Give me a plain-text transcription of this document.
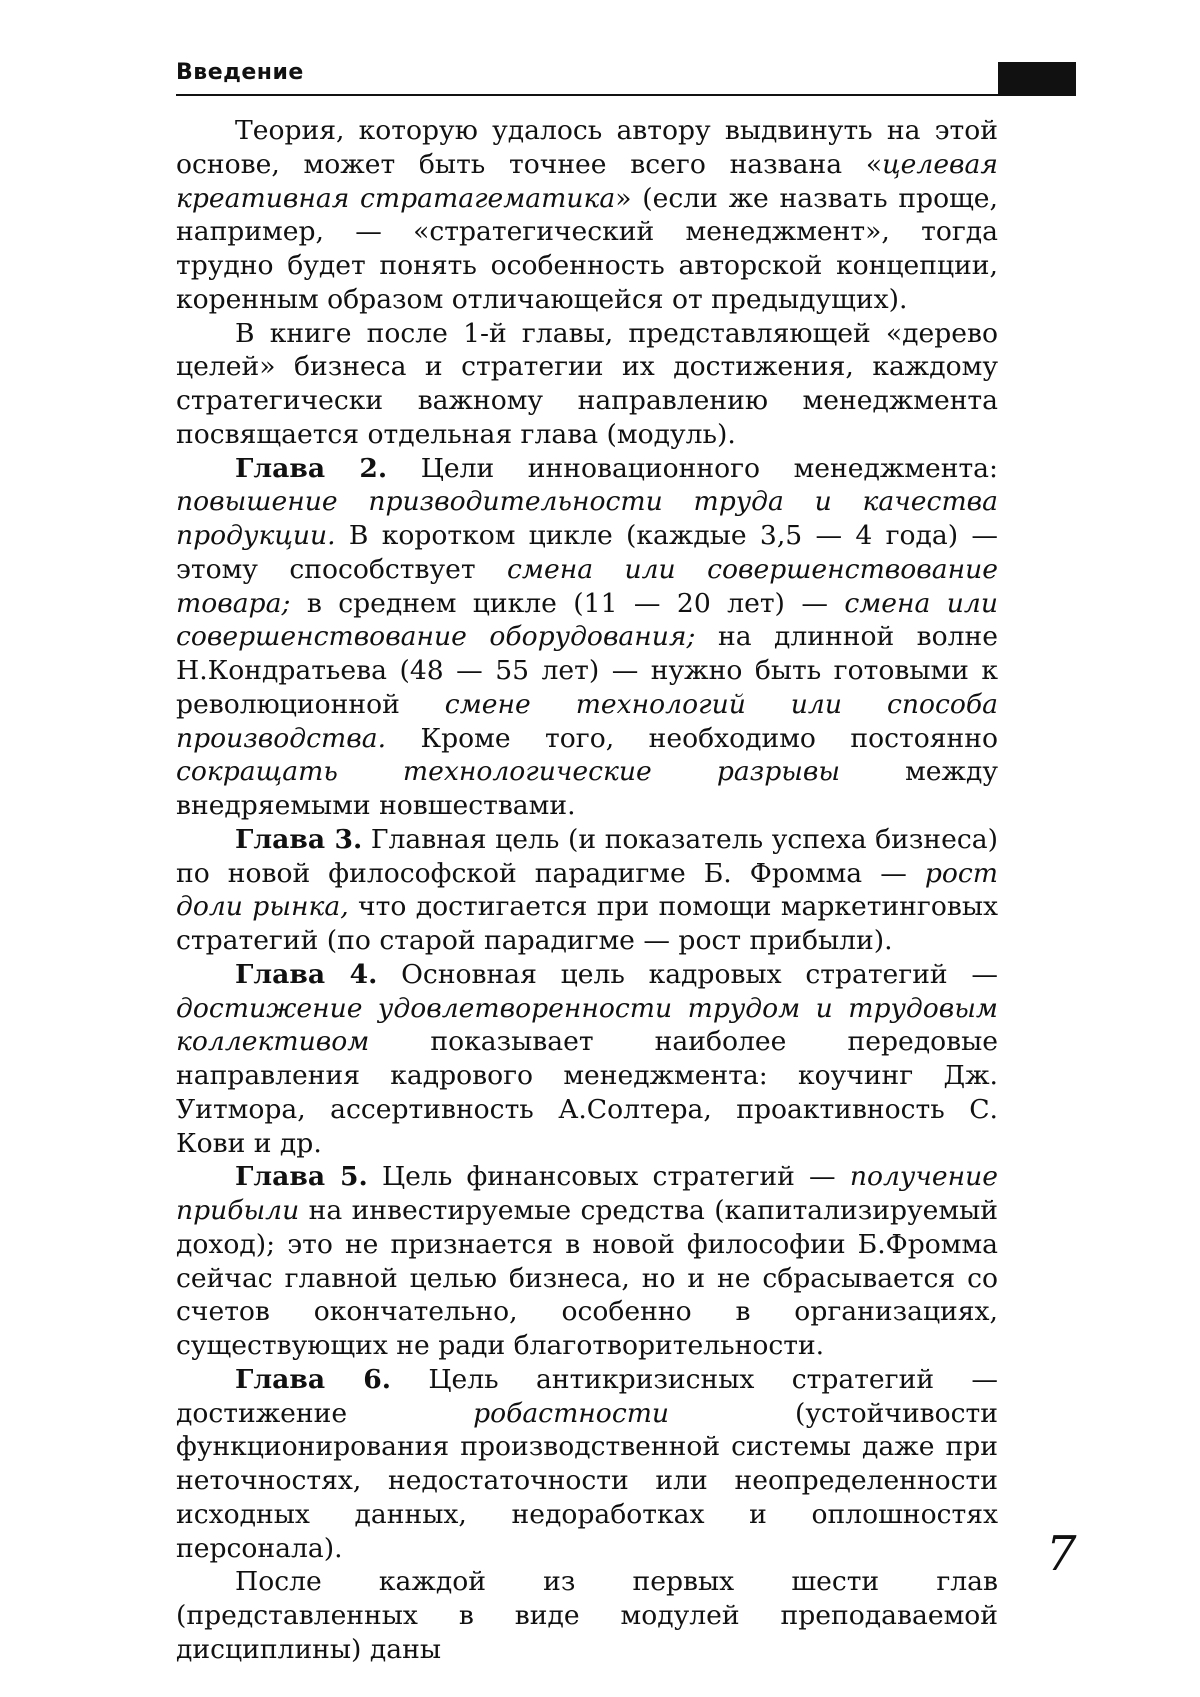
Введение

Теория, которую удалось автору выдвинуть на этой основе, может быть точнее всего названа «целевая креативная стратагематика» (если же назвать проще, например, — «стратегический менеджмент», тогда трудно будет понять особенность авторской концепции, коренным образом отличающейся от предыдущих).

В книге после 1-й главы, представляющей «дерево целей» бизнеса и стратегии их достижения, каждому стратегически важному направлению менеджмента посвящается отдельная глава (модуль).

Глава 2. Цели инновационного менеджмента: повышение призводительности труда и качества продукции. В коротком цикле (каждые 3,5 — 4 года) — этому способствует смена или совершенствование товара; в среднем цикле (11 — 20 лет) — смена или совершенствование оборудования; на длинной волне Н.Кондратьева (48 — 55 лет) — нужно быть готовыми к революционной смене технологий или способа производства. Кроме того, необходимо постоянно сокращать технологические разрывы между внедряемыми новшествами.

Глава 3. Главная цель (и показатель успеха бизнеса) по новой философской парадигме Б. Фромма — рост доли рынка, что достигается при помощи маркетинговых стратегий (по старой парадигме — рост прибыли).

Глава 4. Основная цель кадровых стратегий — достижение удовлетворенности трудом и трудовым коллективом показывает наиболее передовые направления кадрового менеджмента: коучинг Дж. Уитмора, ассертивность А.Солтера, проактивность С. Кови и др.

Глава 5. Цель финансовых стратегий — получение прибыли на инвестируемые средства (капитализируемый доход); это не признается в новой философии Б.Фромма сейчас главной целью бизнеса, но и не сбрасывается со счетов окончательно, особенно в организациях, существующих не ради благотворительности.

Глава 6. Цель антикризисных стратегий — достижение робастности (устойчивости функционирования производственной системы даже при неточностях, недостаточности или неопределенности исходных данных, недоработках и оплошностях персонала).

После каждой из первых шести глав (представленных в виде модулей преподаваемой дисциплины) даны

7
